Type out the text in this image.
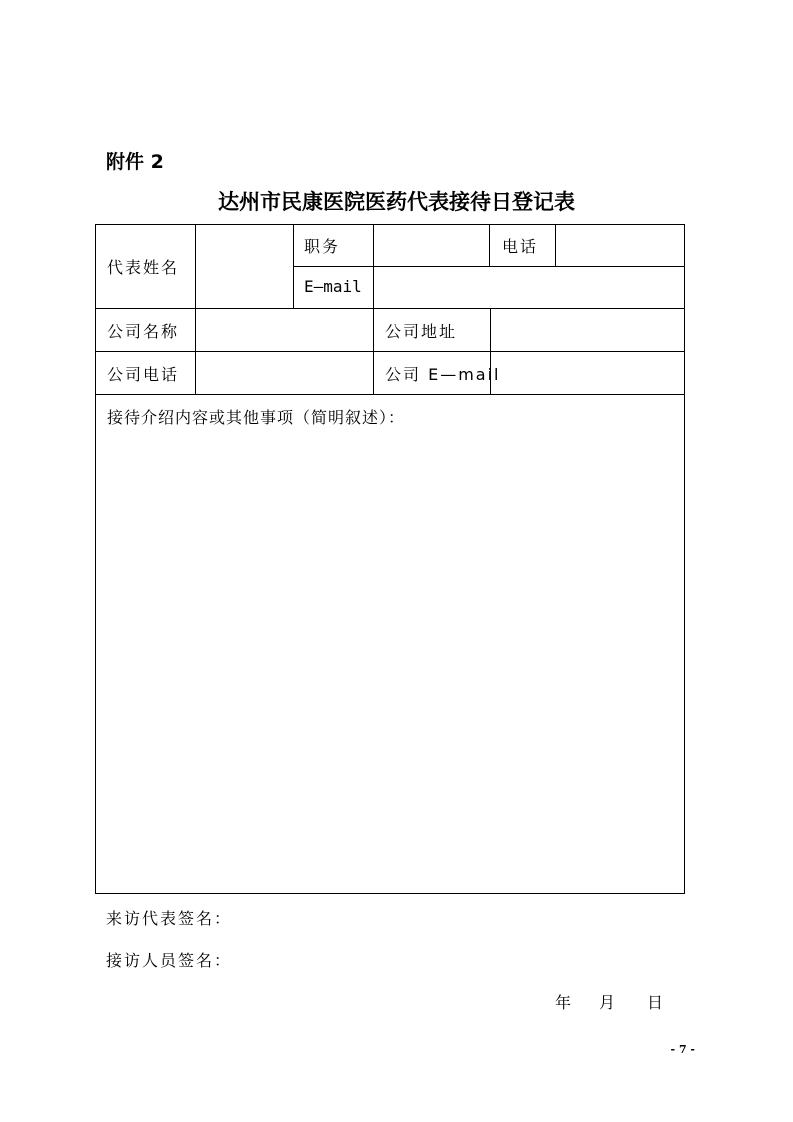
附件 2
达州市民康医院医药代表接待日登记表
代表姓名
职务	电话
E—mail
公司名称	公司地址
公司电话	公司 E—mail
接待介绍内容或其他事项（简明叙述）：
来访代表签名：
接访人员签名：
年 月 日
- 7 -
